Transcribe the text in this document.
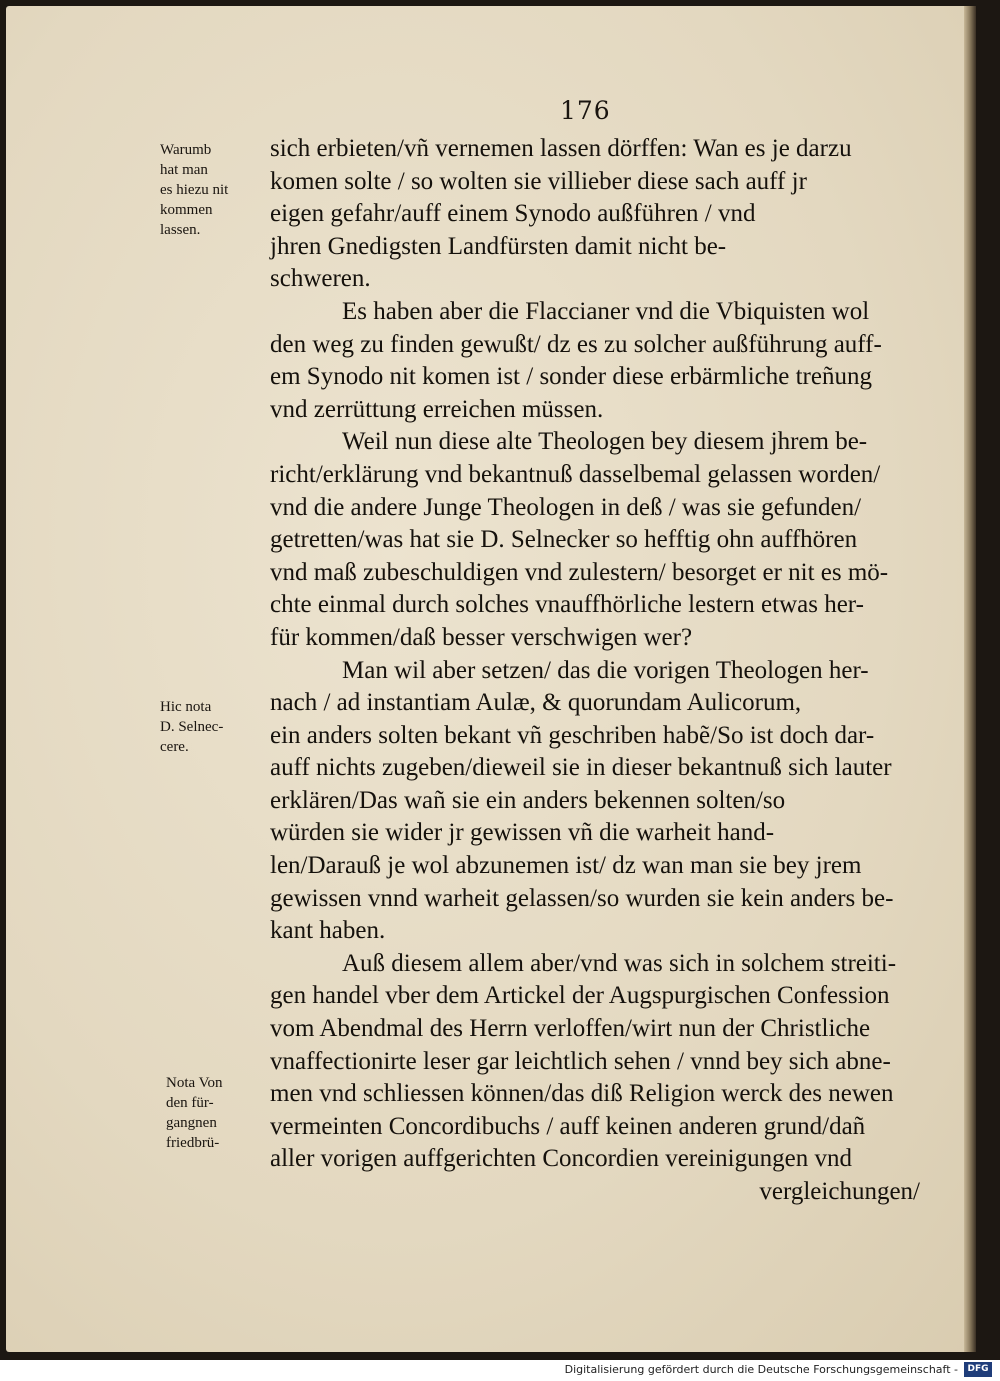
176
Warumb
hat man
es hiezu nit
kommen
lassen.
Hic nota
D. Selnec-
cere.
Nota Von
den für-
gangnen
friedbrü-
sich erbieten/vñ vernemen lassen dörffen: Wan es je darzu
komen solte / so wolten sie villieber diese sach auff jr
eigen gefahr/auff einem Synodo außführen / vnd
jhren Gnedigsten Landfürsten damit nicht be-
schweren.
Es haben aber die Flaccianer vnd die Vbiquisten wol
den weg zu finden gewußt/ dz es zu solcher außführung auff-
em Synodo nit komen ist / sonder diese erbärmliche treñung
vnd zerrüttung erreichen müssen.
Weil nun diese alte Theologen bey diesem jhrem be-
richt/erklärung vnd bekantnuß dasselbemal gelassen worden/
vnd die andere Junge Theologen in deß / was sie gefunden/
getretten/was hat sie D. Selnecker so hefftig ohn auffhören
vnd maß zubeschuldigen vnd zulestern/ besorget er nit es mö-
chte einmal durch solches vnauffhörliche lestern etwas her-
für kommen/daß besser verschwigen wer?
Man wil aber setzen/ das die vorigen Theologen her-
nach / ad instantiam Aulæ, & quorundam Aulicorum,
ein anders solten bekant vñ geschriben habẽ/So ist doch dar-
auff nichts zugeben/dieweil sie in dieser bekantnuß sich lauter
erklären/Das wañ sie ein anders bekennen solten/so
würden sie wider jr gewissen vñ die warheit hand-
len/Darauß je wol abzunemen ist/ dz wan man sie bey jrem
gewissen vnnd warheit gelassen/so wurden sie kein anders be-
kant haben.
Auß diesem allem aber/vnd was sich in solchem streiti-
gen handel vber dem Artickel der Augspurgischen Confession
vom Abendmal des Herrn verloffen/wirt nun der Christliche
vnaffectionirte leser gar leichtlich sehen / vnnd bey sich abne-
men vnd schliessen können/das diß Religion werck des newen
vermeinten Concordibuchs / auff keinen anderen grund/dañ
aller vorigen auffgerichten Concordien vereinigungen vnd
vergleichungen/
Digitalisierung gefördert durch die Deutsche Forschungsgemeinschaft -	DFG
